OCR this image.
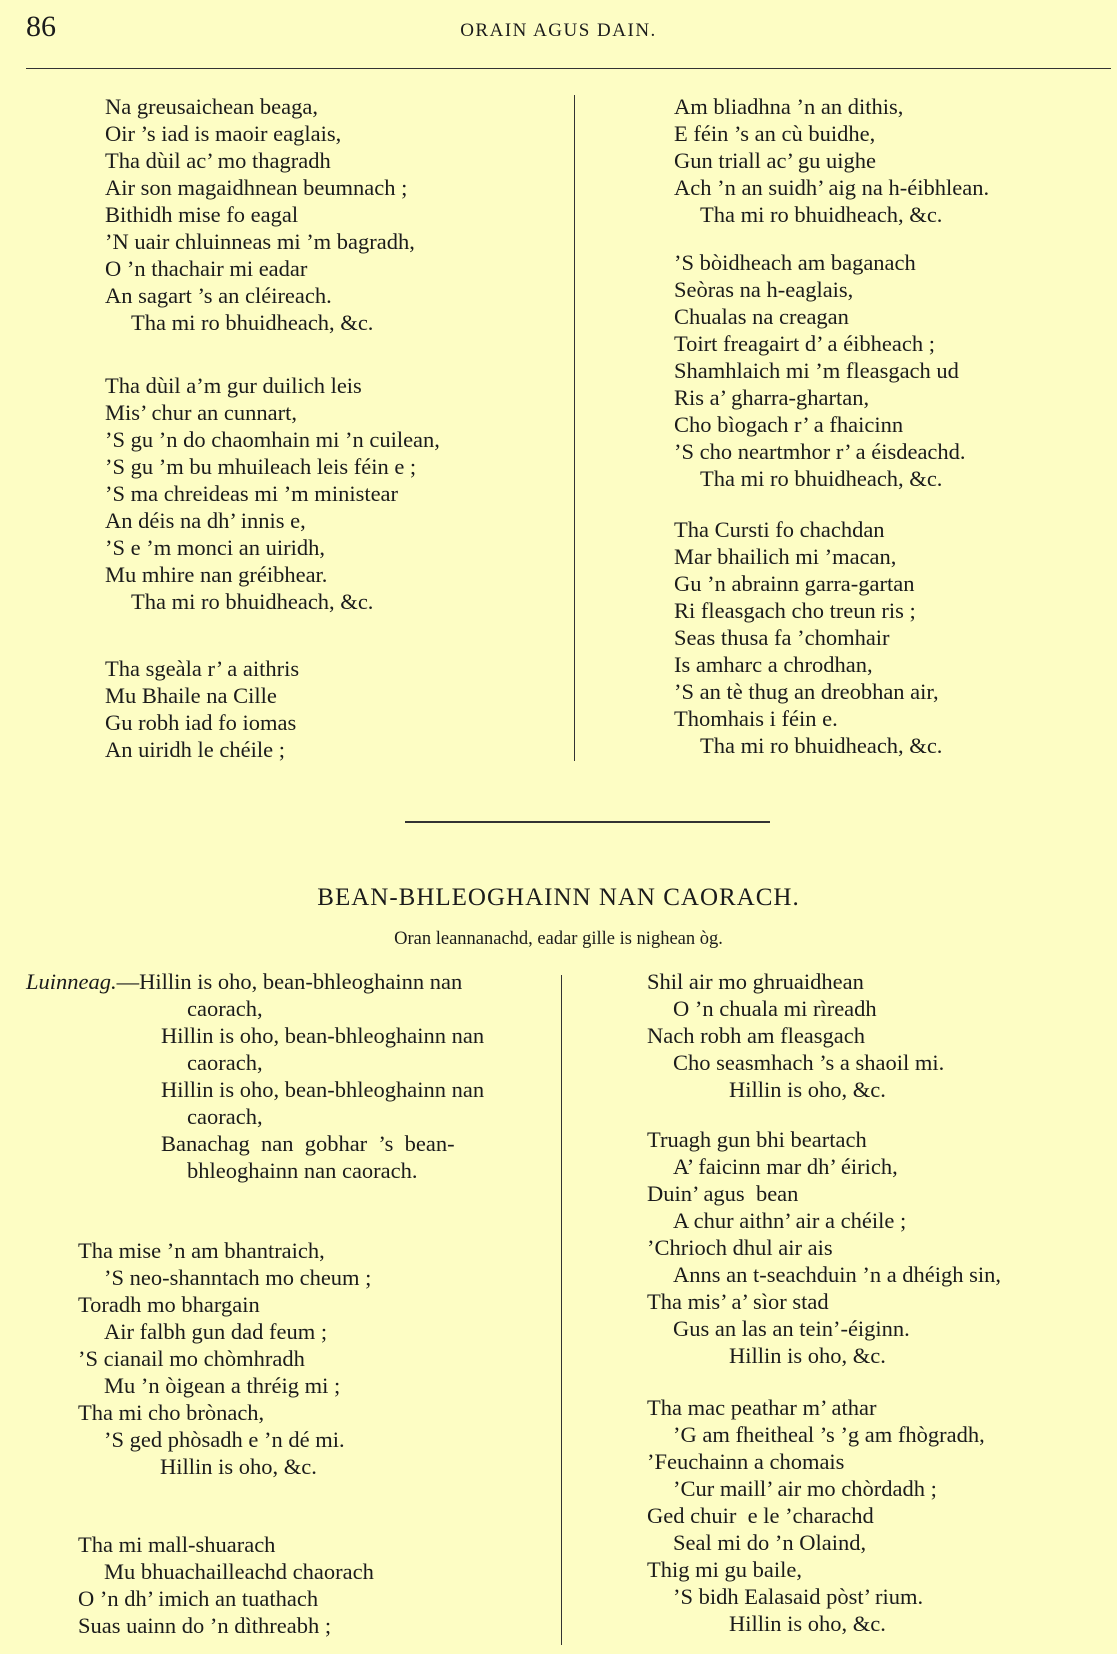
86	ORAIN AGUS DAIN.
Na greusaichean beaga,
Oir ’s iad is maoir eaglais,
Tha dùil ac’ mo thagradh
Air son magaidhnean beumnach ;
Bithidh mise fo eagal
’N uair chluinneas mi ’m bagradh,
O ’n thachair mi eadar
An sagart ’s an cléireach.
Tha mi ro bhuidheach, &c.
Tha dùil a’m gur duilich leis
Mis’ chur an cunnart,
’S gu ’n do chaomhain mi ’n cuilean,
’S gu ’m bu mhuileach leis féin e ;
’S ma chreideas mi ’m ministear
An déis na dh’ innis e,
’S e ’m monci an uiridh,
Mu mhire nan gréibhear.
Tha mi ro bhuidheach, &c.
Tha sgeàla r’ a aithris
Mu Bhaile na Cille
Gu robh iad fo iomas
An uiridh le chéile ;
Am bliadhna ’n an dithis,
E féin ’s an cù buidhe,
Gun triall ac’ gu uighe
Ach ’n an suidh’ aig na h-éibhlean.
Tha mi ro bhuidheach, &c.
’S bòidheach am baganach
Seòras na h-eaglais,
Chualas na creagan
Toirt freagairt d’ a éibheach ;
Shamhlaich mi ’m fleasgach ud
Ris a’ gharra-ghartan,
Cho bìogach r’ a fhaicinn
’S cho neartmhor r’ a éisdeachd.
Tha mi ro bhuidheach, &c.
Tha Cursti fo chachdan
Mar bhailich mi ’macan,
Gu ’n abrainn garra-gartan
Ri fleasgach cho treun ris ;
Seas thusa fa ’chomhair
Is amharc a chrodhan,
’S an tè thug an dreobhan air,
Thomhais i féin e.
Tha mi ro bhuidheach, &c.
BEAN-BHLEOGHAINN NAN CAORACH.
Oran leannanachd, eadar gille is nighean òg.
Luinneag.—Hillin is oho, bean-bhleoghainn nan
caorach,
Hillin is oho, bean-bhleoghainn nan
caorach,
Hillin is oho, bean-bhleoghainn nan
caorach,
Banachag  nan  gobhar  ’s  bean-
bhleoghainn nan caorach.
Tha mise ’n am bhantraich,
’S neo-shanntach mo cheum ;
Toradh mo bhargain
Air falbh gun dad feum ;
’S cianail mo chòmhradh
Mu ’n òigean a thréig mi ;
Tha mi cho brònach,
’S ged phòsadh e ’n dé mi.
Hillin is oho, &c.
Tha mi mall-shuarach
Mu bhuachailleachd chaorach
O ’n dh’ imich an tuathach
Suas uainn do ’n dìthreabh ;
Shil air mo ghruaidhean
O ’n chuala mi rìreadh
Nach robh am fleasgach
Cho seasmhach ’s a shaoil mi.
Hillin is oho, &c.
Truagh gun bhi beartach
A’ faicinn mar dh’ éirich,
Duin’ agus  bean
A chur aithn’ air a chéile ;
’Chrioch dhul air ais
Anns an t-seachduin ’n a dhéigh sin,
Tha mis’ a’ sìor stad
Gus an las an tein’-éiginn.
Hillin is oho, &c.
Tha mac peathar m’ athar
’G am fheitheal ’s ’g am fhògradh,
’Feuchainn a chomais
’Cur maill’ air mo chòrdadh ;
Ged chuir  e le ’charachd
Seal mi do ’n Olaind,
Thig mi gu baile,
’S bidh Ealasaid pòst’ rium.
Hillin is oho, &c.
